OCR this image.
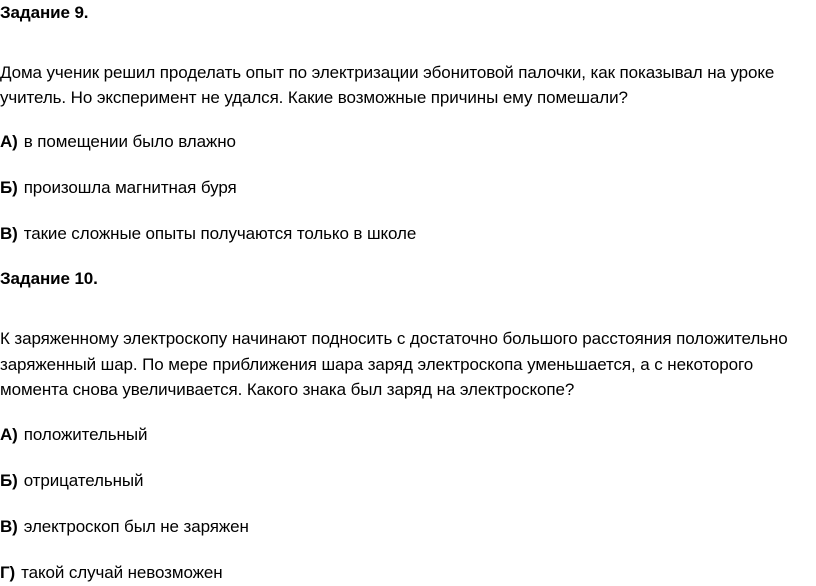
Задание 9.
Дома ученик решил проделать опыт по электризации эбонитовой палочки, как показывал на уроке
учитель. Но эксперимент не удался. Какие возможные причины ему помешали?
А) в помещении было влажно
Б) произошла магнитная буря
В) такие сложные опыты получаются только в школе
Задание 10.
К заряженному электроскопу начинают подносить с достаточно большого расстояния положительно
заряженный шар. По мере приближения шара заряд электроскопа уменьшается, а с некоторого
момента снова увеличивается. Какого знака был заряд на электроскопе?
А) положительный
Б) отрицательный
В) электроскоп был не заряжен
Г) такой случай невозможен
